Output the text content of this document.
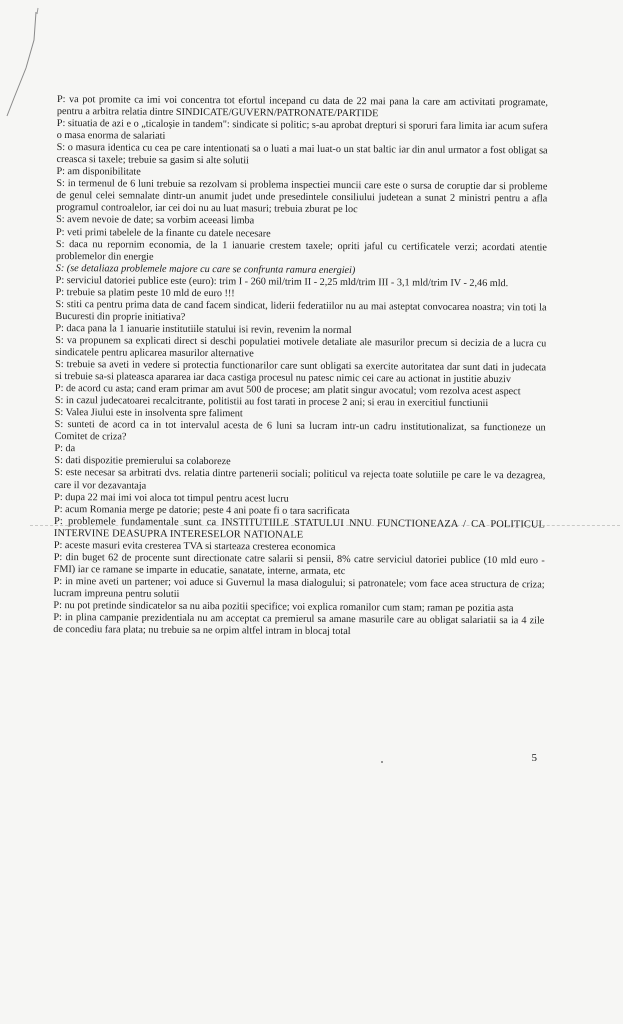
P: va pot promite ca imi voi concentra tot efortul incepand cu data de 22 mai pana la care am activitati programate, pentru a arbitra relatia dintre SINDICATE/GUVERN/PATRONATE/PARTIDE

P: situatia de azi e o „ticaloşie in tandem": sindicate si politic; s-au aprobat drepturi si sporuri fara limita iar acum sufera o masa enorma de salariati

S: o masura identica cu cea pe care intentionati sa o luati a mai luat-o un stat baltic iar din anul urmator a fost obligat sa creasca si taxele; trebuie sa gasim si alte solutii

P: am disponibilitate

S: in termenul de 6 luni trebuie sa rezolvam si problema inspectiei muncii care este o sursa de coruptie dar si probleme de genul celei semnalate dintr-un anumit judet unde presedintele consiliului judetean a sunat 2 ministri pentru a afla programul controalelor, iar cei doi nu au luat masuri; trebuia zburat pe loc

S: avem nevoie de date; sa vorbim aceeasi limba

P: veti primi tabelele de la finante cu datele necesare

S: daca nu repornim economia, de la 1 ianuarie crestem taxele; opriti jaful cu certificatele verzi; acordati atentie problemelor din energie

S: (se detaliaza problemele majore cu care se confrunta ramura energiei)

P: serviciul datoriei publice este (euro): trim I - 260 mil/trim II - 2,25 mld/trim III - 3,1 mld/trim IV - 2,46 mld.

P: trebuie sa platim peste 10 mld de euro !!!

S: stiti ca pentru prima data de cand facem sindicat, liderii federatiilor nu au mai asteptat convocarea noastra; vin toti la Bucuresti din proprie initiativa?

P: daca pana la 1 ianuarie institutiile statului isi revin, revenim la normal

S: va propunem sa explicati direct si deschi populatiei motivele detaliate ale masurilor precum si decizia de a lucra cu sindicatele pentru aplicarea masurilor alternative

S: trebuie sa aveti in vedere si protectia functionarilor care sunt obligati sa exercite autoritatea dar sunt dati in judecata si trebuie sa-si plateasca apararea iar daca castiga procesul nu patesc nimic cei care au actionat in justitie abuziv

P: de acord cu asta; cand eram primar am avut 500 de procese; am platit singur avocatul; vom rezolva acest aspect

S: in cazul judecatoarei recalcitrante, politistii au fost tarati in procese 2 ani; si erau in exercitiul functiunii

S: Valea Jiului este in insolventa spre faliment

S: sunteti de acord ca in tot intervalul acesta de 6 luni sa lucram intr-un cadru institutionalizat, sa functioneze un Comitet de criza?

P: da

S: dati dispozitie premierului sa colaboreze

S: este necesar sa arbitrati dvs. relatia dintre partenerii sociali; politicul va rejecta toate solutiile pe care le va dezagrea, care il vor dezavantaja

P: dupa 22 mai imi voi aloca tot timpul pentru acest lucru

P: acum Romania merge pe datorie; peste 4 ani poate fi o tara sacrificata

P: problemele fundamentale sunt ca INSTITUTIILE STATULUI NNU FUNCTIONEAZA / CA POLITICUL INTERVINE DEASUPRA INTERESELOR NATIONALE

P: aceste masuri evita cresterea TVA si starteaza cresterea economica

P: din buget 62 de procente sunt directionate catre salarii si pensii, 8% catre serviciul datoriei publice (10 mld euro - FMI) iar ce ramane se imparte in educatie, sanatate, interne, armata, etc

P: in mine aveti un partener; voi aduce si Guvernul la masa dialogului; si patronatele; vom face acea structura de criza; lucram impreuna pentru solutii

P: nu pot pretinde sindicatelor sa nu aiba pozitii specifice; voi explica romanilor cum stam; raman pe pozitia asta

P: in plina campanie prezidentiala nu am acceptat ca premierul sa amane masurile care au obligat salariatii sa ia 4 zile de concediu fara plata; nu trebuie sa ne orpim altfel intram in blocaj total

5
